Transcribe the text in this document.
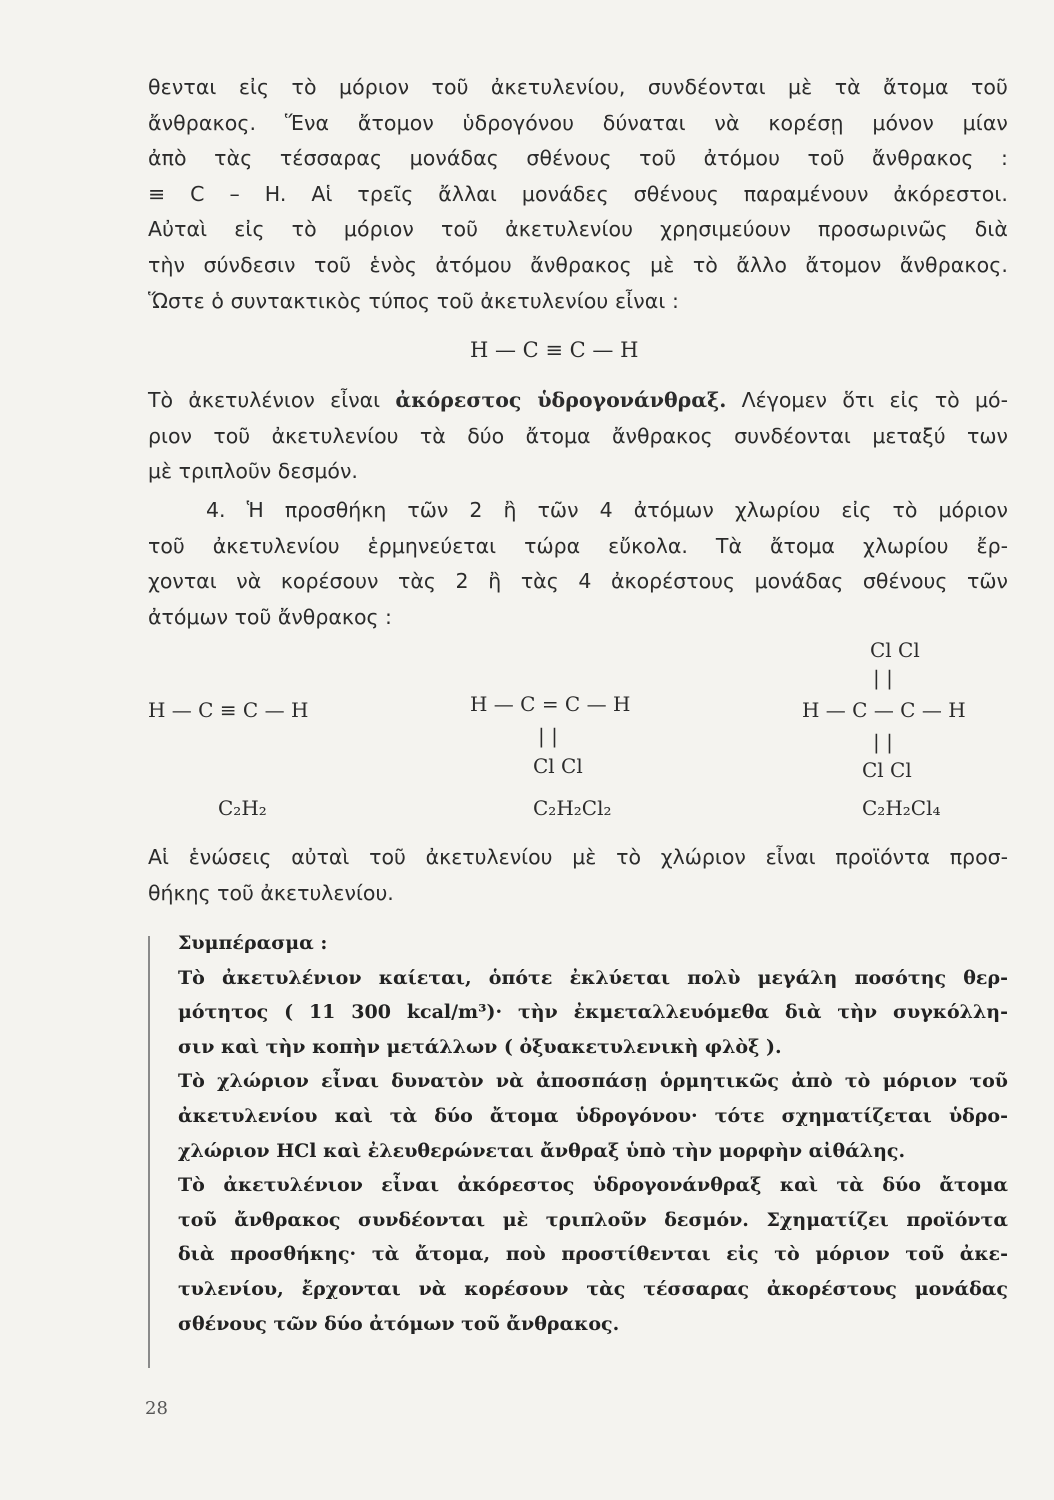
θενται εἰς τὸ μόριον τοῦ ἀκετυλενίου, συνδέονται μὲ τὰ ἄτομα τοῦ
ἄνθρακος. Ἕνα ἄτομον ὑδρογόνου δύναται νὰ κορέσῃ μόνον μίαν
ἀπὸ τὰς τέσσαρας μονάδας σθένους τοῦ ἀτόμου τοῦ ἄνθρακος :
≡ C – H. Αἱ τρεῖς ἄλλαι μονάδες σθένους παραμένουν ἀκόρεστοι.
Αὐταὶ εἰς τὸ μόριον τοῦ ἀκετυλενίου χρησιμεύουν προσωρινῶς διὰ
τὴν σύνδεσιν τοῦ ἑνὸς ἀτόμου ἄνθρακος μὲ τὸ ἄλλο ἄτομον ἄνθρακος.
Ὥστε ὁ συντακτικὸς τύπος τοῦ ἀκετυλενίου εἶναι :
H — C ≡ C — H
Τὸ ἀκετυλένιον εἶναι ἀκόρεστος ὑδρογονάνθραξ. Λέγομεν ὅτι εἰς τὸ μό-
ριον τοῦ ἀκετυλενίου τὰ δύο ἄτομα ἄνθρακος συνδέονται μεταξύ των
μὲ τριπλοῦν δεσμόν.
4. Ἡ προσθήκη τῶν 2 ἢ τῶν 4 ἀτόμων χλωρίου εἰς τὸ μόριον
τοῦ ἀκετυλενίου ἑρμηνεύεται τώρα εὔκολα. Τὰ ἄτομα χλωρίου ἔρ-
χονται νὰ κορέσουν τὰς 2 ἢ τὰς 4 ἀκορέστους μονάδας σθένους τῶν
ἀτόμων τοῦ ἄνθρακος :
H — C ≡ C — H
C₂H₂
H — C = C — H
| |
Cl Cl
C₂H₂Cl₂
Cl Cl
| |
H — C — C — H
| |
Cl Cl
C₂H₂Cl₄
Αἱ ἑνώσεις αὐταὶ τοῦ ἀκετυλενίου μὲ τὸ χλώριον εἶναι προϊόντα προσ-
θήκης τοῦ ἀκετυλενίου.
Συμπέρασμα :
Τὸ ἀκετυλένιον καίεται, ὁπότε ἐκλύεται πολὺ μεγάλη ποσότης θερ-
μότητος ( 11 300 kcal/m³)· τὴν ἐκμεταλλευόμεθα διὰ τὴν συγκόλλη-
σιν καὶ τὴν κοπὴν μετάλλων ( ὀξυακετυλενικὴ φλὸξ ).
Τὸ χλώριον εἶναι δυνατὸν νὰ ἀποσπάσῃ ὁρμητικῶς ἀπὸ τὸ μόριον τοῦ
ἀκετυλενίου καὶ τὰ δύο ἄτομα ὑδρογόνου· τότε σχηματίζεται ὑδρο-
χλώριον HCl καὶ ἐλευθερώνεται ἄνθραξ ὑπὸ τὴν μορφὴν αἰθάλης.
Τὸ ἀκετυλένιον εἶναι ἀκόρεστος ὑδρογονάνθραξ καὶ τὰ δύο ἄτομα
τοῦ ἄνθρακος συνδέονται μὲ τριπλοῦν δεσμόν. Σχηματίζει προϊόντα
διὰ προσθήκης· τὰ ἄτομα, ποὺ προστίθενται εἰς τὸ μόριον τοῦ ἀκε-
τυλενίου, ἔρχονται νὰ κορέσουν τὰς τέσσαρας ἀκορέστους μονάδας
σθένους τῶν δύο ἀτόμων τοῦ ἄνθρακος.
28
